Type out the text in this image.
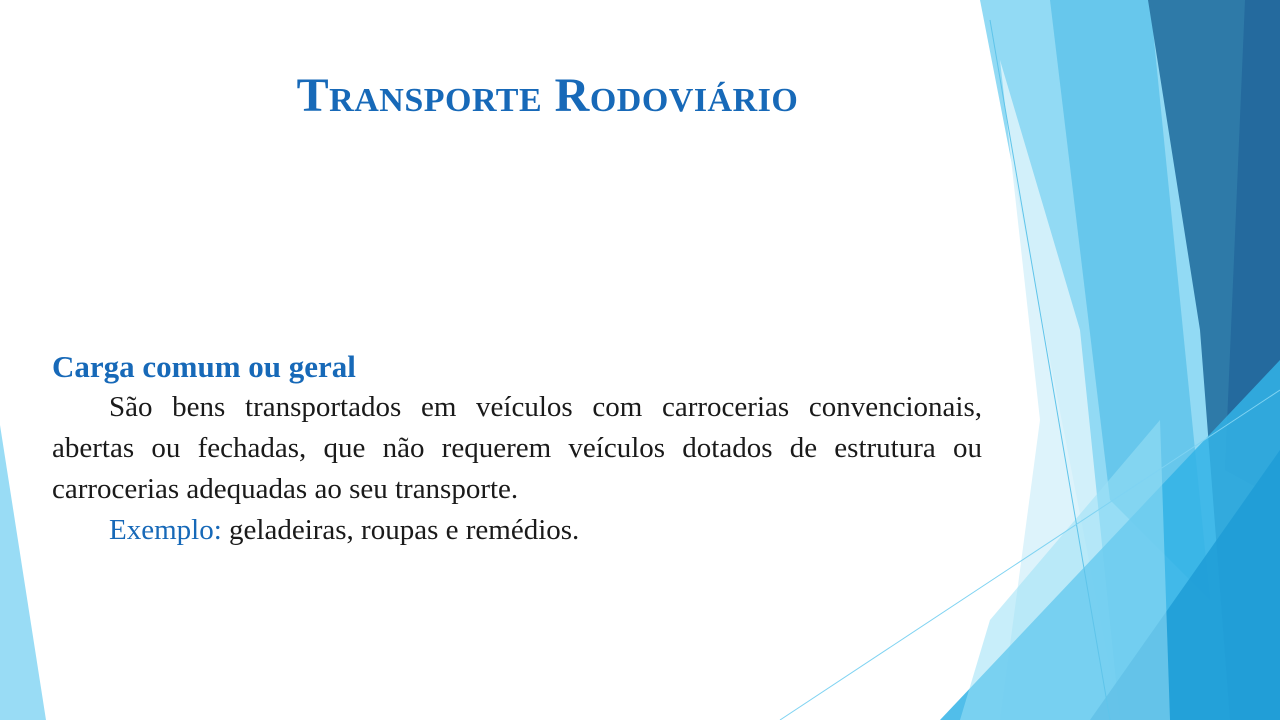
Transporte Rodoviário

Carga comum ou geral

São bens transportados em veículos com carrocerias convencionais, abertas ou fechadas, que não requerem veículos dotados de estrutura ou carrocerias adequadas ao seu transporte.

Exemplo: geladeiras, roupas e remédios.
